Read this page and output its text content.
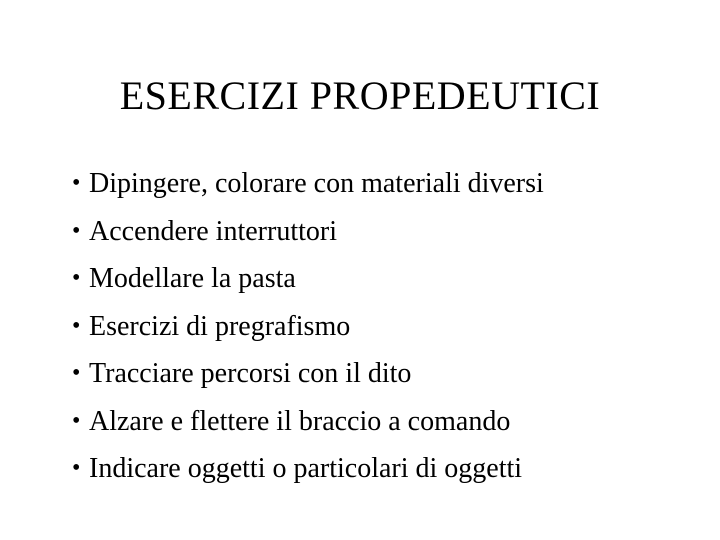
ESERCIZI PROPEDEUTICI
• Dipingere, colorare con materiali diversi
• Accendere interruttori
• Modellare la pasta
• Esercizi di pregrafismo
• Tracciare percorsi con il dito
• Alzare e flettere il braccio a comando
• Indicare oggetti o particolari di oggetti
